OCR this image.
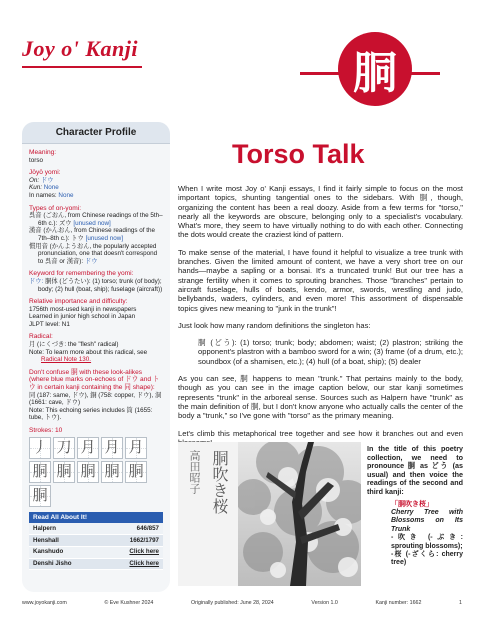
Joy o' Kanji	胴
Character Profile
Meaning:
torso
Jōyō yomi:
On: ドウ
Kun: None
In names: None
Types of on-yomi:
呉音 (ごおん, from Chinese readings of the 5th–6th c.): ズウ [unused now]
漢音 (かんおん, from Chinese readings of the 7th–8th c.): トウ [unused now]
慣用音 (かんようおん, the popularly accepted pronunciation, one that doesn't correspond to 呉音 or 漢音): ドウ
Keyword for remembering the yomi:
ドウ: 胴体 (どうたい): (1) torso; trunk (of body); body; (2) hull (boat, ship); fuselage (aircraft))
Relative importance and difficulty:
1756th most-used kanji in newspapers
Learned in junior high school in Japan
JLPT level: N1
Radical:
月 (にくづき: the "flesh" radical)
Note: To learn more about this radical, see
Radical Note 130.
Don't confuse 胴 with these look-alikes (where blue marks on-echoes of ドウ and トウ in certain kanji containing the 同 shape):
同 (187: same, ドウ), 銅 (758: copper, ドウ), 洞 (1661: cave, ドウ)
Note: This echoing series includes 筒 (1655: tube, トウ).
Strokes: 10
丿 刀 月 月 月
胴 胴 胴 胴 胴
胴
Read All About It!	
Halpern	646/857
Henshall	1662/1797
Kanshudo	Click here
Denshi Jisho	Click here
Torso Talk

When I write most Joy o' Kanji essays, I find it fairly simple to focus on the most important topics, shunting tangential ones to the sidebars. With 胴, though, organizing the content has been a real doozy. Aside from a few terms for "torso," nearly all the keywords are obscure, belonging only to a specialist's vocabulary. What's more, they seem to have virtually nothing to do with each other. Connecting the dots would create the craziest kind of pattern.

To make sense of the material, I have found it helpful to visualize a tree trunk with branches. Given the limited amount of content, we have a very short tree on our hands—maybe a sapling or a bonsai. It's a truncated trunk! But our tree has a strange fertility when it comes to sprouting branches. Those "branches" pertain to aircraft fuselage, hulls of boats, kendo, armor, swords, wrestling and judo, bellybands, waders, cylinders, and even more! This assortment of dispensable topics gives new meaning to "junk in the trunk"!

Just look how many random definitions the singleton has:

胴 (どう): (1) torso; trunk; body; abdomen; waist; (2) plastron; striking the opponent's plastron with a bamboo sword for a win; (3) frame (of a drum, etc.); soundbox (of a shamisen, etc.); (4) hull (of a boat, ship); (5) dealer

As you can see, 胴 happens to mean "trunk." That pertains mainly to the body, though as you can see in the image caption below, our star kanji sometimes represents "trunk" in the arboreal sense. Sources such as Halpern have "trunk" as the main definition of 胴, but I don't know anyone who actually calls the center of the body a "trunk," so I've gone with "torso" as the primary meaning.

Let's climb this metaphorical tree together and see how it branches out and even

胴吹き桜
高田昭子
In the title of this poetry collection, we need to pronounce 胴 as どう (as usual) and then voice the readings of the second and third kanji:
「胴吹き桜」
Cherry Tree with Blossoms on Its Trunk
-吹き (-ぶき: sprouting blossoms);
-桜 (-ざくら: cherry tree)
www.joyokanji.com	© Eve Kushner 2024	Originally published: June 28, 2024	Version 1.0	Kanji number: 1662	1
